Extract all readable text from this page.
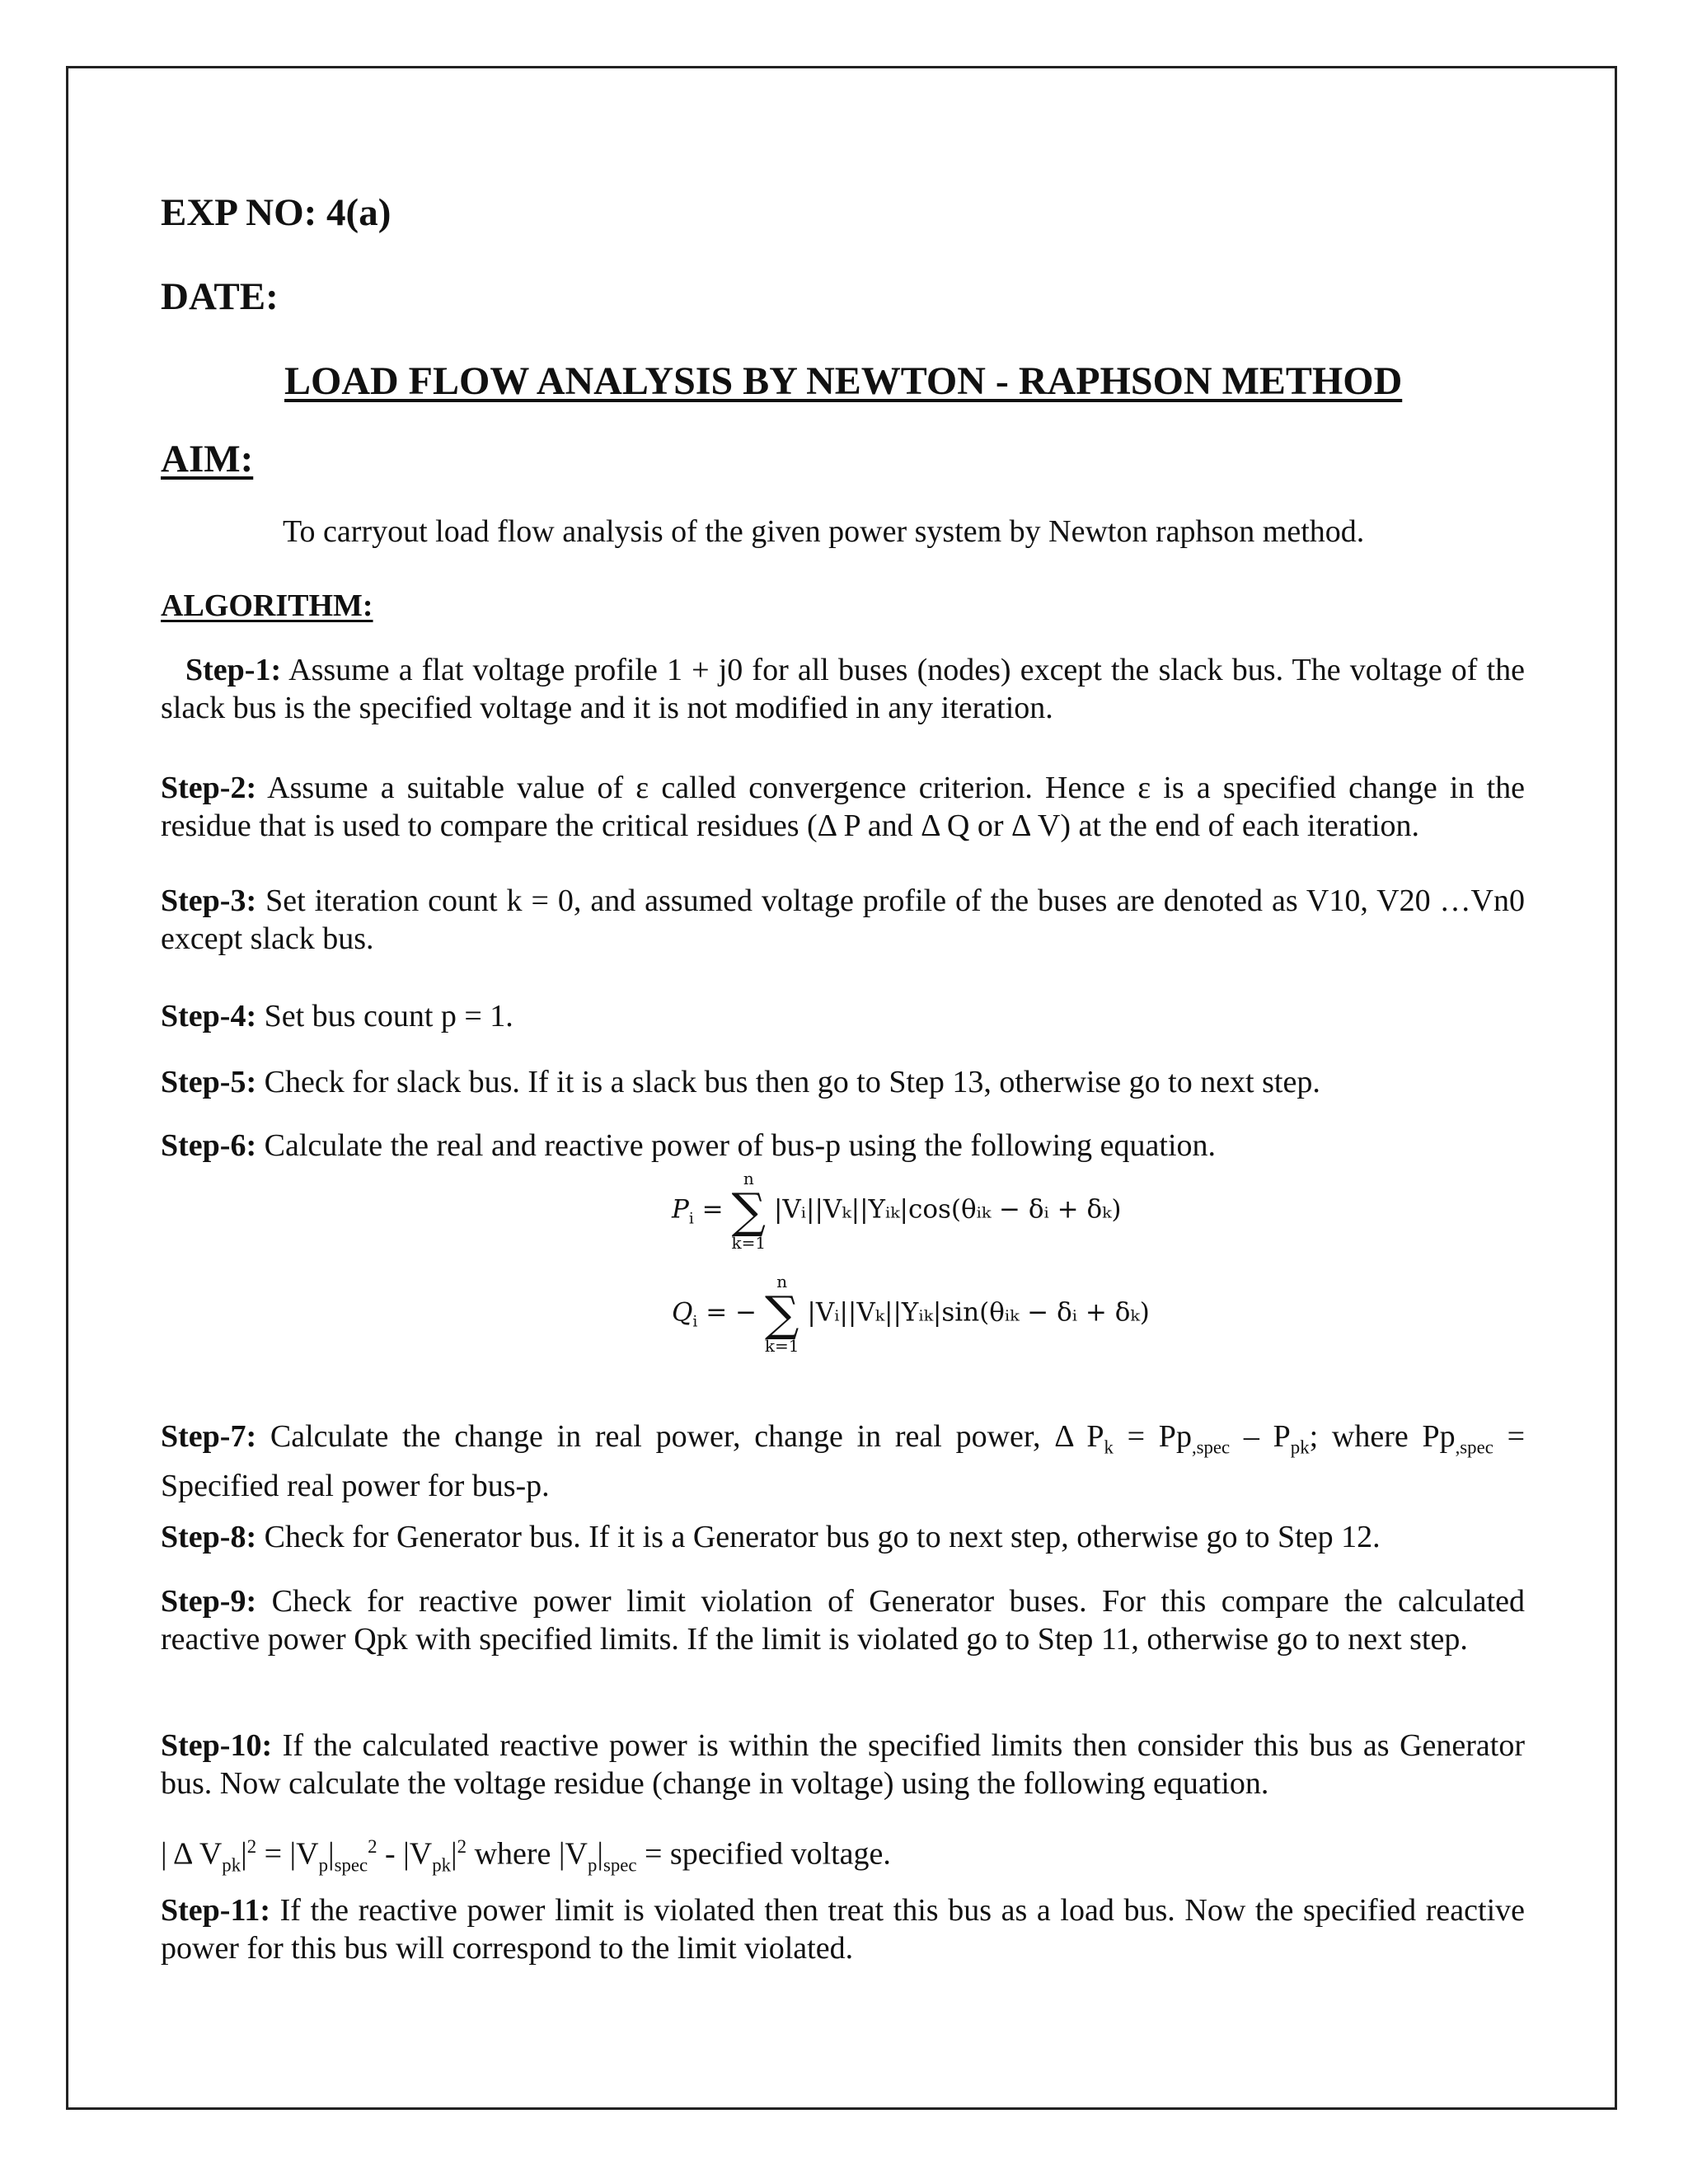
EXP NO: 4(a)
DATE:
LOAD FLOW ANALYSIS BY NEWTON - RAPHSON METHOD
AIM:
To carryout load flow analysis of the given power system by Newton raphson method.
ALGORITHM:
Step-1: Assume a flat voltage profile 1 + j0 for all buses (nodes) except the slack bus. The voltage of the slack bus is the specified voltage and it is not modified in any iteration.
Step-2: Assume a suitable value of ε called convergence criterion. Hence ε is a specified change in the residue that is used to compare the critical residues (Δ P and Δ Q or Δ V) at the end of each iteration.
Step-3: Set iteration count k = 0, and assumed voltage profile of the buses are denoted as V10, V20 …Vn0 except slack bus.
Step-4: Set bus count p = 1.
Step-5: Check for slack bus. If it is a slack bus then go to Step 13, otherwise go to next step.
Step-6: Calculate the real and reactive power of bus-p using the following equation.
$P_i$ =
n
∑
k=1
|Vᵢ||Vₖ||Yᵢₖ|cos(θᵢₖ − δᵢ + δₖ)
$Q_i$ = −
n
∑
k=1
|Vᵢ||Vₖ||Yᵢₖ|sin(θᵢₖ − δᵢ + δₖ)
Step-7: Calculate the change in real power, change in real power, Δ $P_k = Pp_{,spec} - P_{pk}$; where $Pp_{,spec}$ = Specified real power for bus-p.
Step-8: Check for Generator bus. If it is a Generator bus go to next step, otherwise go to Step 12.
Step-9: Check for reactive power limit violation of Generator buses. For this compare the calculated reactive power Qpk with specified limits. If the limit is violated go to Step 11, otherwise go to next step.
Step-10: If the calculated reactive power is within the specified limits then consider this bus as Generator bus. Now calculate the voltage residue (change in voltage) using the following equation.
| Δ $V_{pk}|^2 = |V_p|_{spec}^2 - |V_{pk}|^2$ where $|V_p|_{spec}$ = specified voltage.
Step-11: If the reactive power limit is violated then treat this bus as a load bus. Now the specified reactive power for this bus will correspond to the limit violated.
